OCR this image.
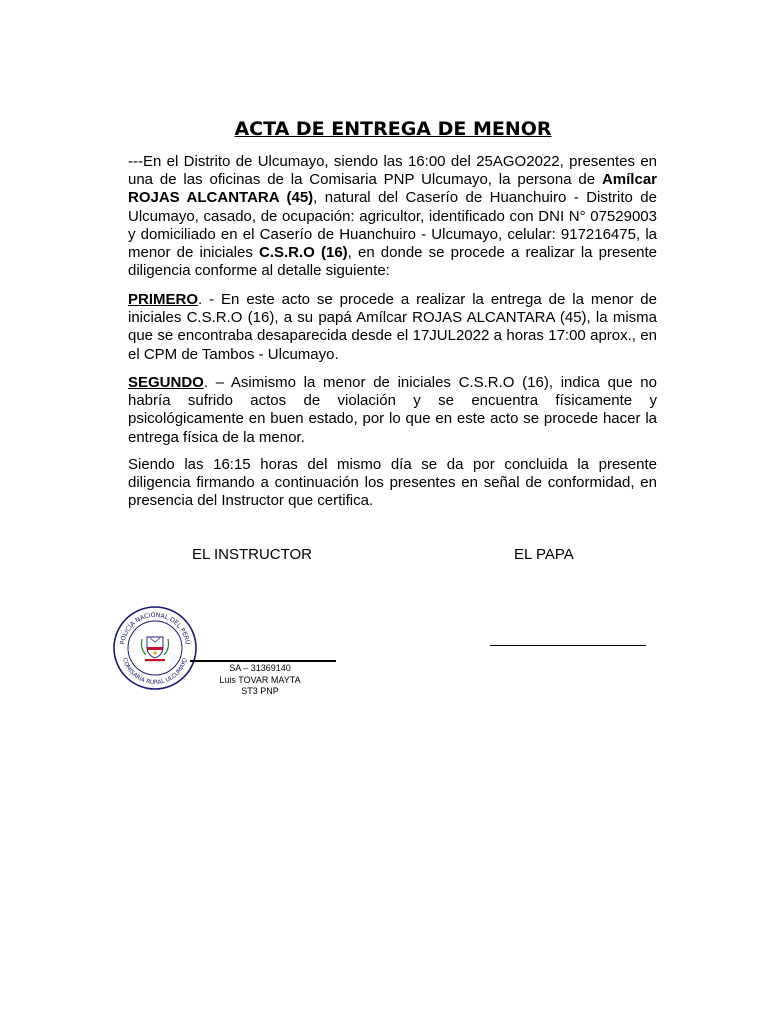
ACTA DE ENTREGA DE MENOR
---En el Distrito de Ulcumayo, siendo las 16:00 del 25AGO2022, presentes en una de las oficinas de la Comisaria PNP Ulcumayo, la persona de Amílcar ROJAS ALCANTARA (45), natural del Caserío de Huanchuiro - Distrito de Ulcumayo, casado, de ocupación: agricultor, identificado con DNI N° 07529003 y domiciliado en el Caserío de Huanchuiro - Ulcumayo, celular: 917216475, la menor de iniciales C.S.R.O (16), en donde se procede a realizar la presente diligencia conforme al detalle siguiente:
PRIMERO. - En este acto se procede a realizar la entrega de la menor de iniciales C.S.R.O (16), a su papá Amílcar ROJAS ALCANTARA (45), la misma que se encontraba desaparecida desde el 17JUL2022 a horas 17:00 aprox., en el CPM de Tambos - Ulcumayo.
SEGUNDO. – Asimismo la menor de iniciales C.S.R.O (16), indica que no habría sufrido actos de violación y se encuentra físicamente y psicológicamente en buen estado, por lo que en este acto se procede hacer la entrega física de la menor.
Siendo las 16:15 horas del mismo día se da por concluida la presente diligencia firmando a continuación los presentes en señal de conformidad, en presencia del Instructor que certifica.
EL INSTRUCTOR	EL PAPA
POLICÍA NACIONAL DEL PERÚ
COMISARÍA RURAL ULCUMAYO
SA – 31369140
Luis TOVAR MAYTA
ST3 PNP
